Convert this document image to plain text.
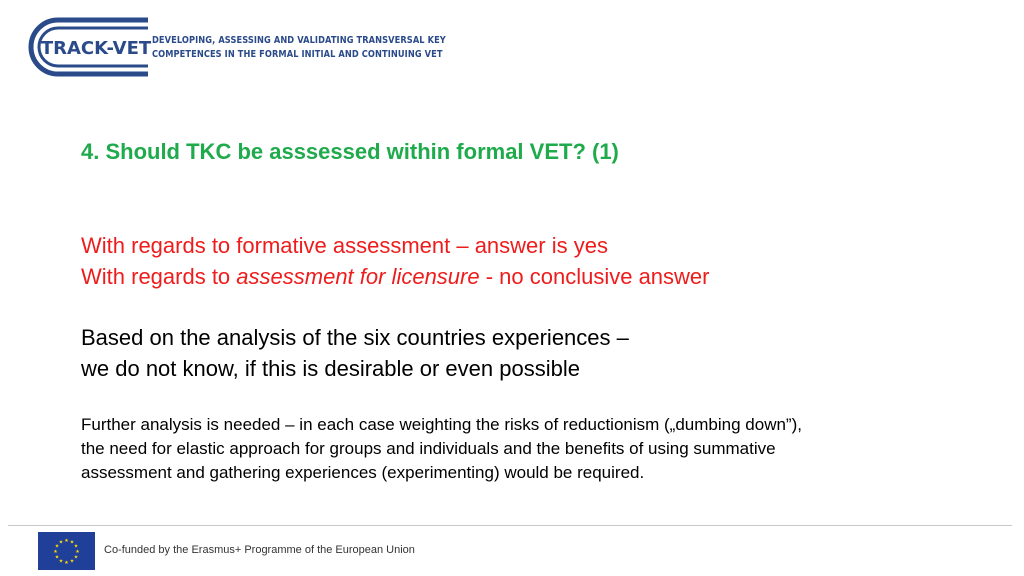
TRACK-VET DEVELOPING, ASSESSING AND VALIDATING TRANSVERSAL KEY
COMPETENCES IN THE FORMAL INITIAL AND CONTINUING VET
4. Should TKC be asssessed within formal VET? (1)
With regards to formative assessment – answer is yes
With regards to assessment for licensure - no conclusive answer
Based on the analysis of the six countries experiences –
we do not know, if this is desirable or even possible
Further analysis is needed – in each case weighting the risks of reductionism („dumbing down”),
the need for elastic approach for groups and individuals and the benefits of using summative
assessment and gathering experiences (experimenting) would be required.
★ ★
★
★
★
★
★
★
★
★
★
★
Co-funded by the Erasmus+ Programme of the European Union
